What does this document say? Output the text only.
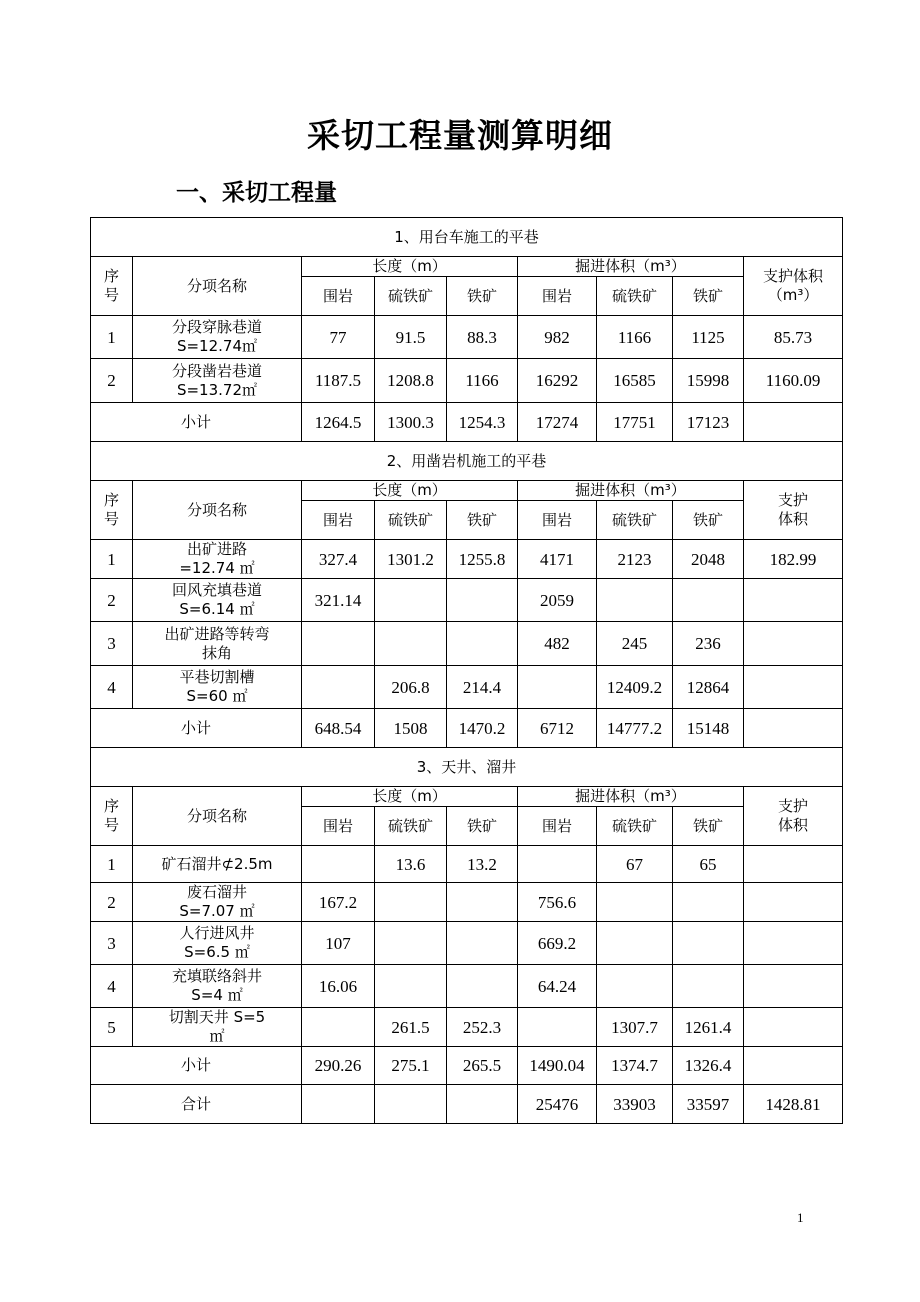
采切工程量测算明细
一、采切工程量
1、用台车施工的平巷								
序号	分项名称	长度（m）			掘进体积（m³）			支护体积（m³）
		围岩	硫铁矿	铁矿	围岩	硫铁矿	铁矿	
1	分段穿脉巷道S=12.74㎡	77	91.5	88.3	982	1166	1125	85.73
2	分段凿岩巷道S=13.72㎡	1187.5	1208.8	1166	16292	16585	15998	1160.09
小计		1264.5	1300.3	1254.3	17274	17751	17123	
2、用凿岩机施工的平巷								
序号	分项名称	长度（m）			掘进体积（m³）			支护体积
		围岩	硫铁矿	铁矿	围岩	硫铁矿	铁矿	
1	出矿进路=12.74 ㎡	327.4	1301.2	1255.8	4171	2123	2048	182.99
2	回风充填巷道S=6.14 ㎡	321.14			2059			
3	出矿进路等转弯抹角				482	245	236	
4	平巷切割槽S=60 ㎡		206.8	214.4		12409.2	12864	
小计		648.54	1508	1470.2	6712	14777.2	15148	
3、天井、溜井								
序号	分项名称	长度（m）			掘进体积（m³）			支护体积
		围岩	硫铁矿	铁矿	围岩	硫铁矿	铁矿	
1	矿石溜井⊄2.5m		13.6	13.2		67	65	
2	废石溜井 S=7.07 ㎡	167.2			756.6			
3	人行进风井S=6.5 ㎡	107			669.2			
4	充填联络斜井 S=4 ㎡	16.06			64.24			
5	切割天井 S=5 ㎡		261.5	252.3		1307.7	1261.4	
小计		290.26	275.1	265.5	1490.04	1374.7	1326.4	
合计					25476	33903	33597	1428.81
1
